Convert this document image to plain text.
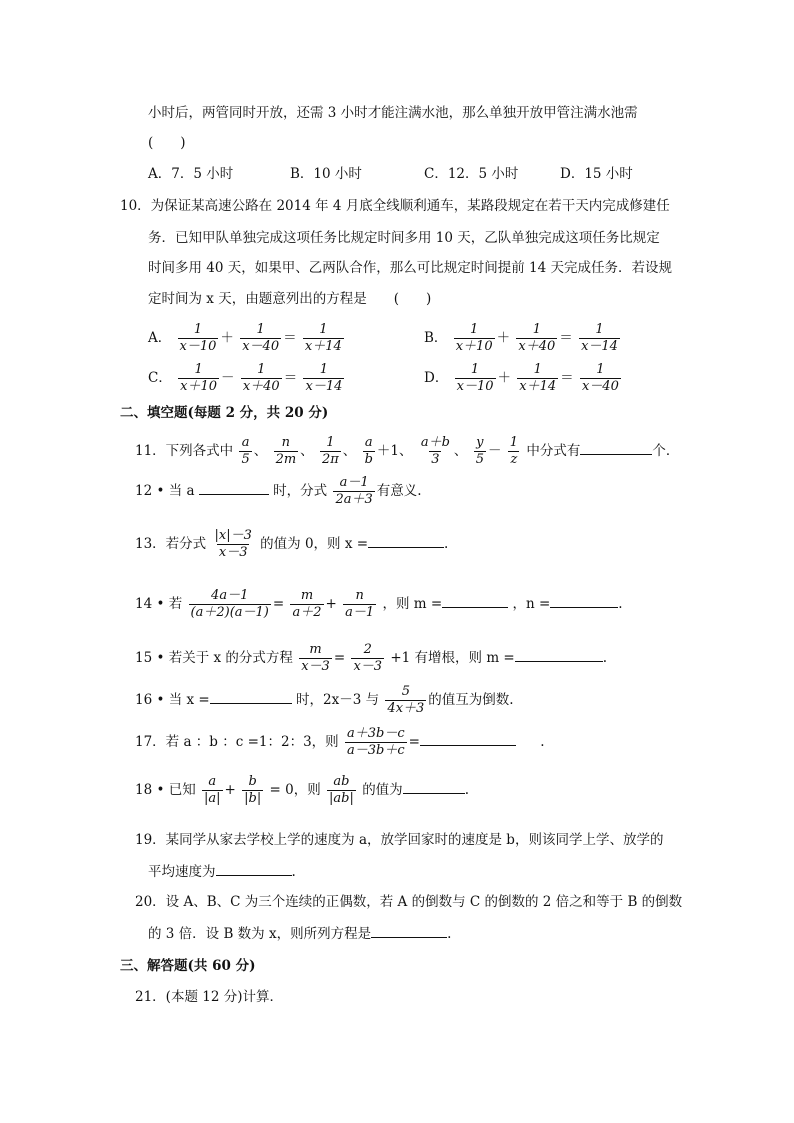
小时后，两管同时开放，还需 3 小时才能注满水池，那么单独开放甲管注满水池需
(　　)
A．7．5 小时	B．10 小时	C．12．5 小时	D．15 小时
10．为保证某高速公路在 2014 年 4 月底全线顺利通车，某路段规定在若干天内完成修建任
务．已知甲队单独完成这项任务比规定时间多用 10 天，乙队单独完成这项任务比规定
时间多用 40 天，如果甲、乙两队合作，那么可比规定时间提前 14 天完成任务．若设规
定时间为 x 天，由题意列出的方程是　　(　　)
A． $\frac{1}{x-10} + \frac{1}{x-40} = \frac{1}{x+14}$	B． $\frac{1}{x+10} + \frac{1}{x+40} = \frac{1}{x-14}$
C． $\frac{1}{x+10} - \frac{1}{x+40} = \frac{1}{x-14}$	D． $\frac{1}{x-10} + \frac{1}{x+14} = \frac{1}{x-40}$
二、填空题(每题 2 分，共 20 分)
11．下列各式中 $\frac{a}{5}$ 、 $\frac{n}{2m}$ 、 $\frac{1}{2\pi}$ 、 $\frac{a}{b} +1$、 $\frac{a+b}{3}$ 、 $\frac{y}{5} - \frac{1}{z}$ 中分式有	个．
12 • 当 a	时，分式 $\frac{a-1}{2a+3}$ 有意义.
13．若分式 $\frac{|x|-3}{x-3}$ 的值为 0，则 x =	.
14 • 若 $\frac{4a-1}{(a+2)(a-1)} = \frac{m}{a+2} + \frac{n}{a-1}$ ，则 m =	，n =	.
15 • 若关于 x 的分式方程 $\frac{m}{x-3} = \frac{2}{x-3} +1$ 有增根，则 m =	.
16 • 当 x =	时，2x－3 与 $\frac{5}{4x+3}$ 的值互为倒数.
17．若 a ：b ：c =1：2：3，则 $\frac{a+3b-c}{a-3b+c}$ =	.
18 • 已知 $\frac{a}{|a|} + \frac{b}{|b|} = 0$，则 $\frac{ab}{|ab|}$ 的值为	.
19．某同学从家去学校上学的速度为 a，放学回家时的速度是 b，则该同学上学、放学的
平均速度为	.
20．设 A、B、C 为三个连续的正偶数，若 A 的倒数与 C 的倒数的 2 倍之和等于 B 的倒数
的 3 倍．设 B 数为 x，则所列方程是	.
三、解答题(共 60 分)
21．(本题 12 分)计算．
